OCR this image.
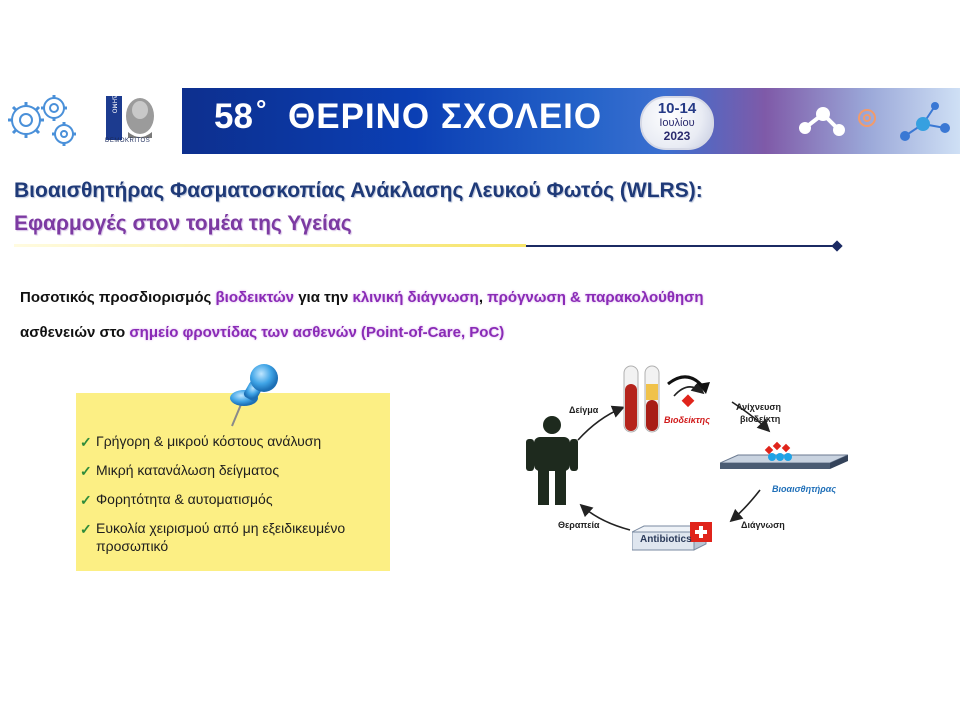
ΔΗΜΟ
DEMOKRITOS
58 ° ΘΕΡΙΝΟ ΣΧΟΛΕΙΟ	10-14
Ιουλίου
2023
Βιοαισθητήρας Φασματοσκοπίας Ανάκλασης Λευκού Φωτός (WLRS):
Εφαρμογές στον τομέα της Υγείας
Ποσοτικός προσδιορισμός βιοδεικτών για την κλινική διάγνωση, πρόγνωση & παρακολούθηση
ασθενειών στο σημείο φροντίδας των ασθενών (Point-of-Care, PoC)
✓ Γρήγορη & μικρού κόστους ανάλυση
✓ Μικρή κατανάλωση δείγματος
✓ Φορητότητα & αυτοματισμός
✓ Ευκολία χειρισμού από μη εξειδικευμένο προσωπικό
Δείγμα
Βιοδείκτης
Ανίχνευση
βιοδείκτη
Βιοαισθητήρας
Διάγνωση
Antibiotics
Θεραπεία
